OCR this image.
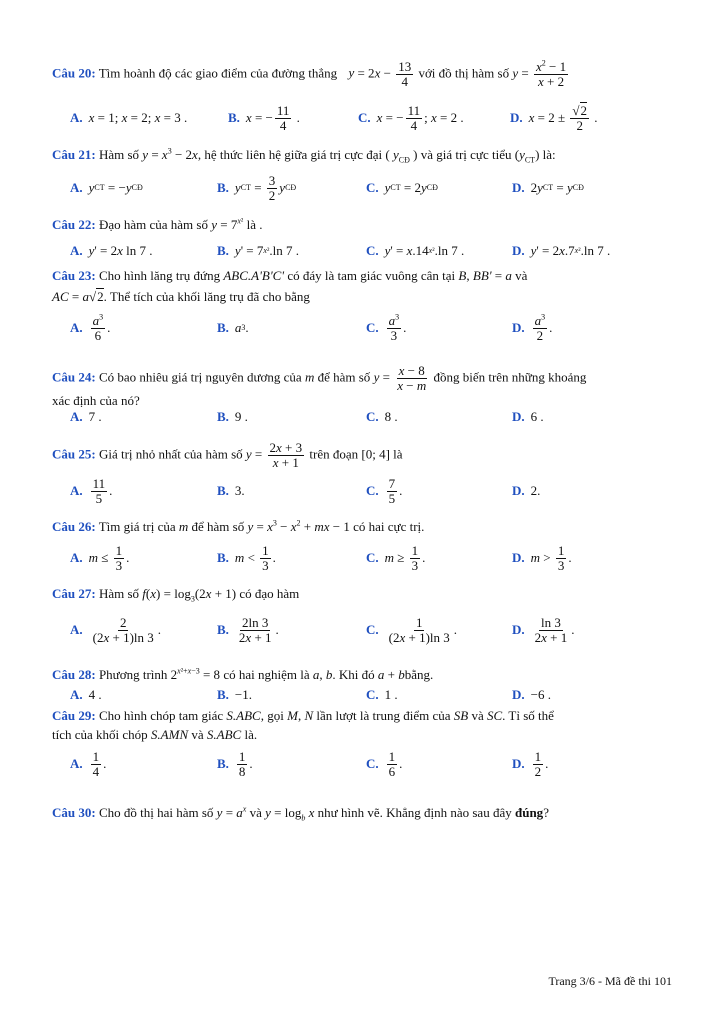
Câu 20: Tìm hoành độ các giao điểm của đường thẳng $y = 2x - \frac{13}{4}$ với đồ thị hàm số $y = \frac{x^2 - 1}{x + 2}$
A. x = 1; x = 2; x = 3 .	B. x = − $\frac{11}{4}$ .	C. x = − $\frac{11}{4}$ ; x = 2 .	D. $x = 2 \pm \frac{√2}{2}$ .
Câu 21: Hàm số $y = x^3 - 2x$, hệ thức liên hệ giữa giá trị cực đại ( $y_{CĐ}$ ) và giá trị cực tiểu $(y_{CT})$ là:
A. y CT = − y CĐ	B. y CT = $\frac{3}{2}$ y CĐ	C. y CT = 2 y CĐ	D. 2 y CT = y CĐ
Câu 22: Đạo hàm của hàm số $y = 7^{x^2}$ là .
A. y ' = 2 x ln 7 .	B. y ' = 7 x² .ln 7 .	C. y ' = x .14 x² .ln 7 .	D. y ' = 2 x .7 x² .ln 7 .
Câu 23: Cho hình lăng trụ đứng ABC.A'B'C' có đáy là tam giác vuông cân tại B, BB' = a và
AC = a√2. Thể tích của khối lăng trụ đã cho bằng
A. $\frac{a^3}{6}$ .	B. a 3 .	C. $\frac{a^3}{3}$ .	D. $\frac{a^3}{2}$ .
Câu 24: Có bao nhiêu giá trị nguyên dương của m để hàm số $y = \frac{x - 8}{x - m}$ đồng biến trên những khoảng
xác định của nó?
A. 7 .	B. 9 .	C. 8 .	D. 6 .
Câu 25: Giá trị nhỏ nhất của hàm số $y = \frac{2x + 3}{x + 1}$ trên đoạn [0; 4] là
A. $\frac{11}{5}$ .	B. 3.	C. $\frac{7}{5}$ .	D. 2.
Câu 26: Tìm giá trị của m để hàm số $y = x^3 - x^2$ + mx − 1 có hai cực trị.
A. $m \le \frac{1}{3}$ .	B. $m < \frac{1}{3}$ .	C. $m \ge \frac{1}{3}$ .	D. $m > \frac{1}{3}$ .
Câu 27: Hàm số $f(x) = \log_3(2x + 1)$ có đạo hàm
A. $\frac{2}{(2x + 1)\ln 3}$ .	B. $\frac{2\ln 3}{2x + 1}$ .	C. $\frac{1}{(2x + 1)\ln 3}$ .	D. $\frac{\ln 3}{2x + 1}$ .
Câu 28: Phương trình $2^{x^2+x-3} = 8$ có hai nghiệm là a, b. Khi đó a + bbằng.
A. 4 .	B. −1.	C. 1 .	D. −6 .
Câu 29: Cho hình chóp tam giác S.ABC, gọi M, N lần lượt là trung điểm của SB và SC. Tỉ số thể
tích của khối chóp S.AMN và S.ABC là.
A. $\frac{1}{4}$ .	B. $\frac{1}{8}$ .	C. $\frac{1}{6}$ .	D. $\frac{1}{2}$ .
Câu 30: Cho đồ thị hai hàm số $y = a^x$ và $y = \log_b x$ như hình vẽ. Khẳng định nào sau đây đúng?
Trang 3/6 - Mã đề thi 101
